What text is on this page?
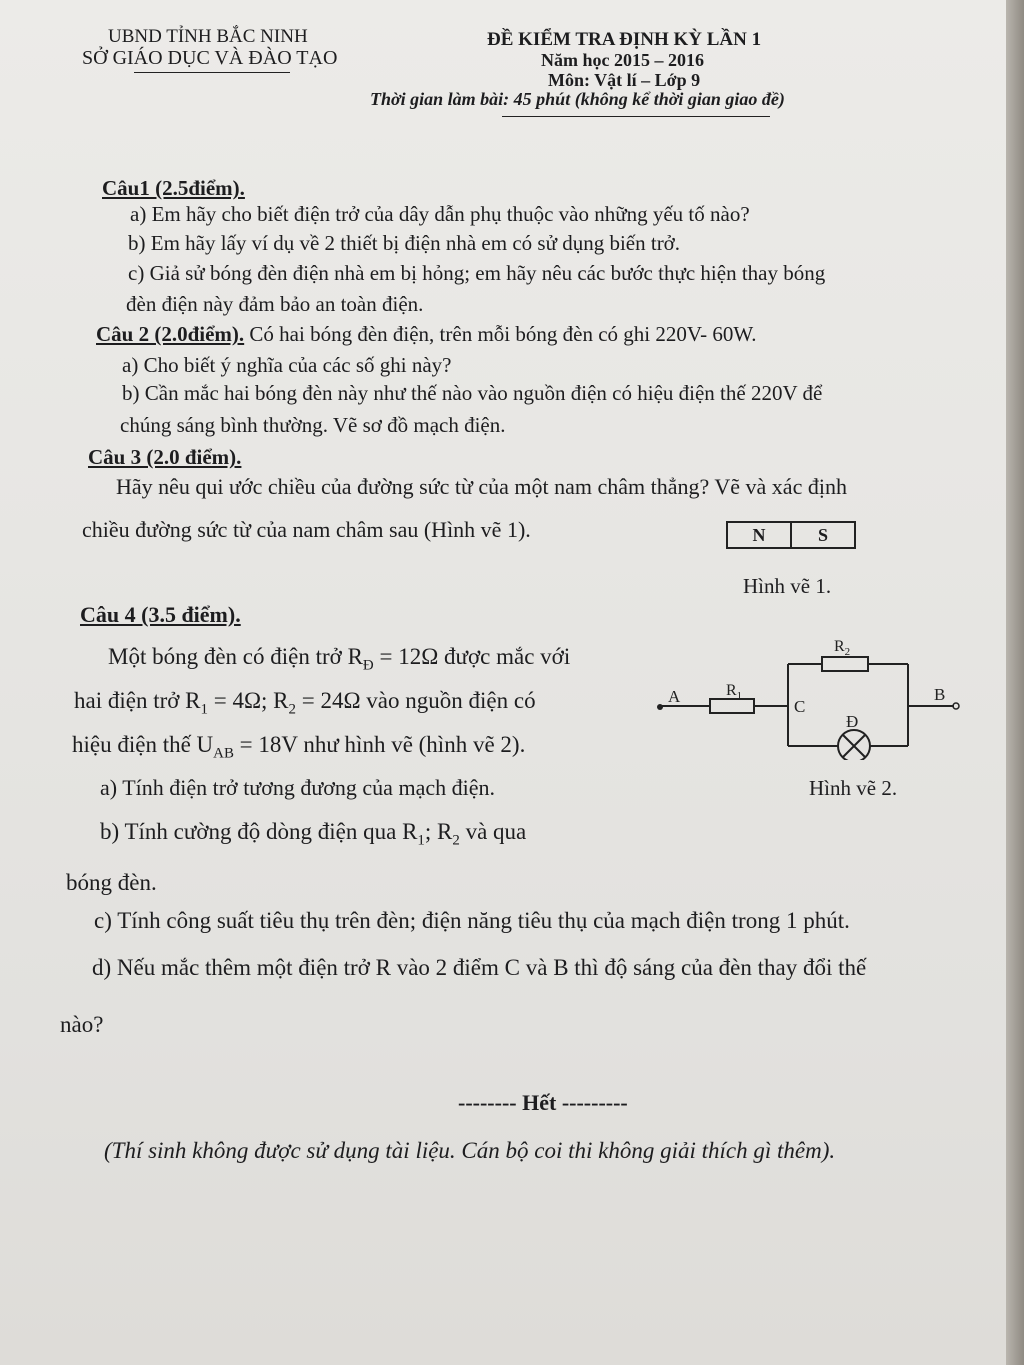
UBND TỈNH BẮC NINH
SỞ GIÁO DỤC VÀ ĐÀO TẠO
ĐỀ KIỂM TRA ĐỊNH KỲ LẦN 1
Năm học 2015 – 2016
Môn: Vật lí – Lớp 9
Thời gian làm bài: 45 phút (không kể thời gian giao đề)
Câu1 (2.5điểm).
a) Em hãy cho biết điện trở của dây dẫn phụ thuộc vào những yếu tố nào?
b) Em hãy lấy ví dụ về 2 thiết bị điện nhà em có sử dụng biến trở.
c) Giả sử bóng đèn điện nhà em bị hỏng; em hãy nêu các bước thực hiện thay bóng
đèn điện này đảm bảo an toàn điện.
Câu 2 (2.0điểm). Có hai bóng đèn điện, trên mỗi bóng đèn có ghi 220V- 60W.
a) Cho biết ý nghĩa của các số ghi này?
b) Cần mắc hai bóng đèn này như thế nào vào nguồn điện có hiệu điện thế 220V để
chúng sáng bình thường. Vẽ sơ đồ mạch điện.
Câu 3 (2.0 điểm).
Hãy nêu qui ước chiều của đường sức từ của một nam châm thẳng? Vẽ và xác định
chiều đường sức từ của nam châm sau (Hình vẽ 1).	N	S
Hình vẽ 1.
Câu 4 (3.5 điểm).
Một bóng đèn có điện trở $R_Đ = 12\Omega$ được mắc với
hai điện trở $R_1 = 4\Omega$; $R_2 = 24\Omega$ vào nguồn điện có
hiệu điện thế $U_{AB} = 18V$ như hình vẽ (hình vẽ 2).
a) Tính điện trở tương đương của mạch điện.
b) Tính cường độ dòng điện qua $R_1$; $R_2$ và qua
bóng đèn.
c) Tính công suất tiêu thụ trên đèn; điện năng tiêu thụ của mạch điện trong 1 phút.
d) Nếu mắc thêm một điện trở R vào 2 điểm C và B thì độ sáng của đèn thay đổi thế
nào?
A	B
C
$R_1$
$R_2$
Đ
Hình vẽ 2.
-------- Hết ---------
(Thí sinh không được sử dụng tài liệu. Cán bộ coi thi không giải thích gì thêm).
